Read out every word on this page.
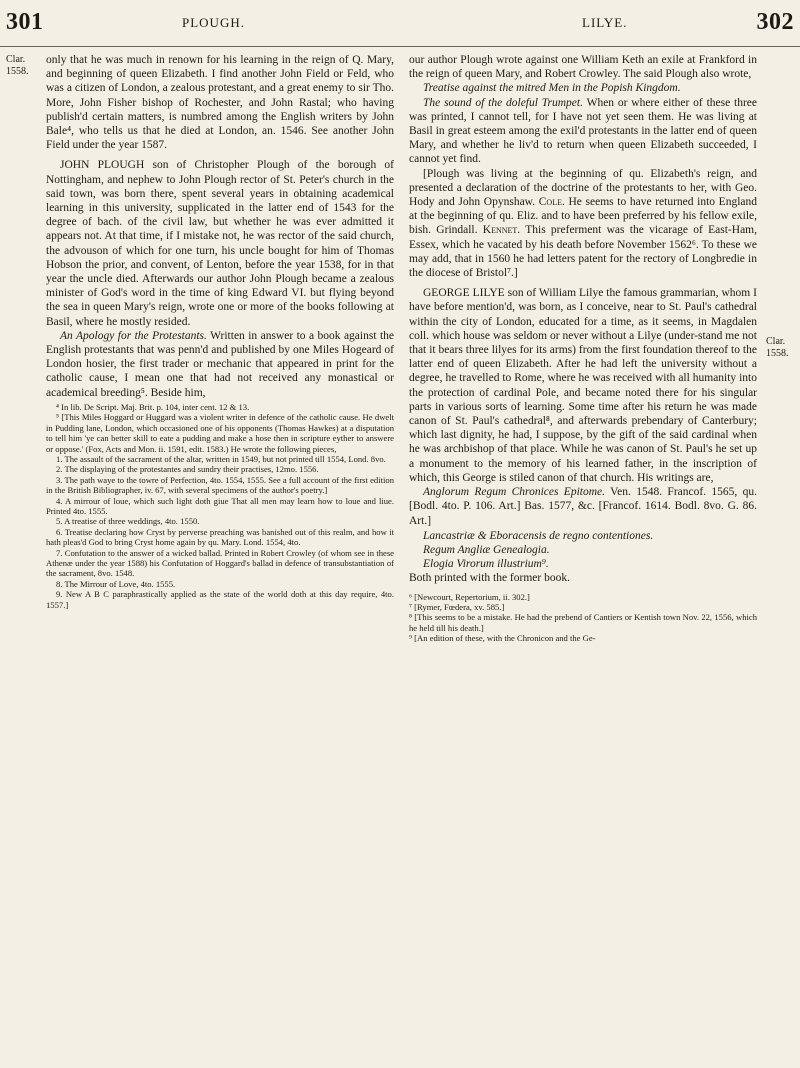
301	PLOUGH.	LILYE.	302
Clar.
1558.
Clar.
1558.

only that he was much in renown for his learning in the reign of Q. Mary, and beginning of queen Elizabeth. I find another John Field or Feld, who was a citizen of London, a zealous protestant, and a great enemy to sir Tho. More, John Fisher bishop of Rochester, and John Rastal; who having publish'd certain matters, is numbred among the English writers by John Bale⁴, who tells us that he died at London, an. 1546. See another John Field under the year 1587.

JOHN PLOUGH son of Christopher Plough of the borough of Nottingham, and nephew to John Plough rector of St. Peter's church in the said town, was born there, spent several years in obtaining academical learning in this university, supplicated in the latter end of 1543 for the degree of bach. of the civil law, but whether he was ever admitted it appears not. At that time, if I mistake not, he was rector of the said church, the advouson of which for one turn, his uncle bought for him of Thomas Hobson the prior, and convent, of Lenton, before the year 1538, for in that year the uncle died. Afterwards our author John Plough became a zealous minister of God's word in the time of king Edward VI. but flying beyond the sea in queen Mary's reign, wrote one or more of the books following at Basil, where he mostly resided.

An Apology for the Protestants. Written in answer to a book against the English protestants that was penn'd and published by one Miles Hogeard of London hosier, the first trader or mechanic that appeared in print for the catholic cause, I mean one that had not received any monastical or academical breeding⁵. Beside him,

⁴ In lib. De Script. Maj. Brit. p. 104, inter cent. 12 & 13.

⁵ [This Miles Hoggard or Huggard was a violent writer in defence of the catholic cause. He dwelt in Pudding lane, London, which occasioned one of his opponents (Thomas Hawkes) at a disputation to tell him 'ye can better skill to eate a pudding and make a hose then in scripture eyther to answere or oppose.' (Fox, Acts and Mon. ii. 1591, edit. 1583.) He wrote the following pieces,

1. The assault of the sacrament of the altar, written in 1549, but not printed till 1554, Lond. 8vo.

2. The displaying of the protestantes and sundry their practises, 12mo. 1556.

3. The path waye to the towre of Perfection, 4to. 1554, 1555. See a full account of the first edition in the British Bibliographer, iv. 67, with several specimens of the author's poetry.]

4. A mirrour of loue, which such light doth giue That all men may learn how to loue and liue. Printed 4to. 1555.

5. A treatise of three weddings, 4to. 1550.

6. Treatise declaring how Cryst by perverse preaching was banished out of this realm, and how it hath pleas'd God to bring Cryst home again by qu. Mary. Lond. 1554, 4to.

7. Confutation to the answer of a wicked ballad. Printed in Robert Crowley (of whom see in these Athenæ under the year 1588) his Confutation of Hoggard's ballad in defence of transubstantiation of the sacrament, 8vo. 1548.

8. The Mirrour of Love, 4to. 1555.

9. New A B C paraphrastically applied as the state of the world doth at this day require, 4to. 1557.]

our author Plough wrote against one William Keth an exile at Frankford in the reign of queen Mary, and Robert Crowley. The said Plough also wrote,

Treatise against the mitred Men in the Popish Kingdom.

The sound of the doleful Trumpet. When or where either of these three was printed, I cannot tell, for I have not yet seen them. He was living at Basil in great esteem among the exil'd protestants in the latter end of queen Mary, and whether he liv'd to return when queen Elizabeth succeeded, I cannot yet find.

[Plough was living at the beginning of qu. Elizabeth's reign, and presented a declaration of the doctrine of the protestants to her, with Geo. Hody and John Opynshaw. Cole. He seems to have returned into England at the beginning of qu. Eliz. and to have been preferred by his fellow exile, bish. Grindall. Kennet. This preferment was the vicarage of East-Ham, Essex, which he vacated by his death before November 1562⁶. To these we may add, that in 1560 he had letters patent for the rectory of Longbredie in the diocese of Bristol⁷.]

GEORGE LILYE son of William Lilye the famous grammarian, whom I have before mention'd, was born, as I conceive, near to St. Paul's cathedral within the city of London, educated for a time, as it seems, in Magdalen coll. which house was seldom or never without a Lilye (under-stand me not that it bears three lilyes for its arms) from the first foundation thereof to the latter end of queen Elizabeth. After he had left the university without a degree, he travelled to Rome, where he was received with all humanity into the protection of cardinal Pole, and became noted there for his singular parts in various sorts of learning. Some time after his return he was made canon of St. Paul's cathedral⁸, and afterwards prebendary of Canterbury; which last dignity, he had, I suppose, by the gift of the said cardinal when he was archbishop of that place. While he was canon of St. Paul's he set up a monument to the memory of his learned father, in the inscription of which, this George is stiled canon of that church. His writings are,

Anglorum Regum Chronices Epitome. Ven. 1548. Francof. 1565, qu. [Bodl. 4to. P. 106. Art.] Bas. 1577, &c. [Francof. 1614. Bodl. 8vo. G. 86. Art.]

Lancastriæ & Eboracensis de regno contentiones.

Regum Angliæ Genealogia.

Elogia Virorum illustrium⁹.

Both printed with the former book.

⁶ [Newcourt, Repertorium, ii. 302.]

⁷ [Rymer, Fœdera, xv. 585.]

⁸ [This seems to be a mistake. He had the prebend of Cantiers or Kentish town Nov. 22, 1556, which he held till his death.]

⁹ [An edition of these, with the Chronicon and the Ge-
